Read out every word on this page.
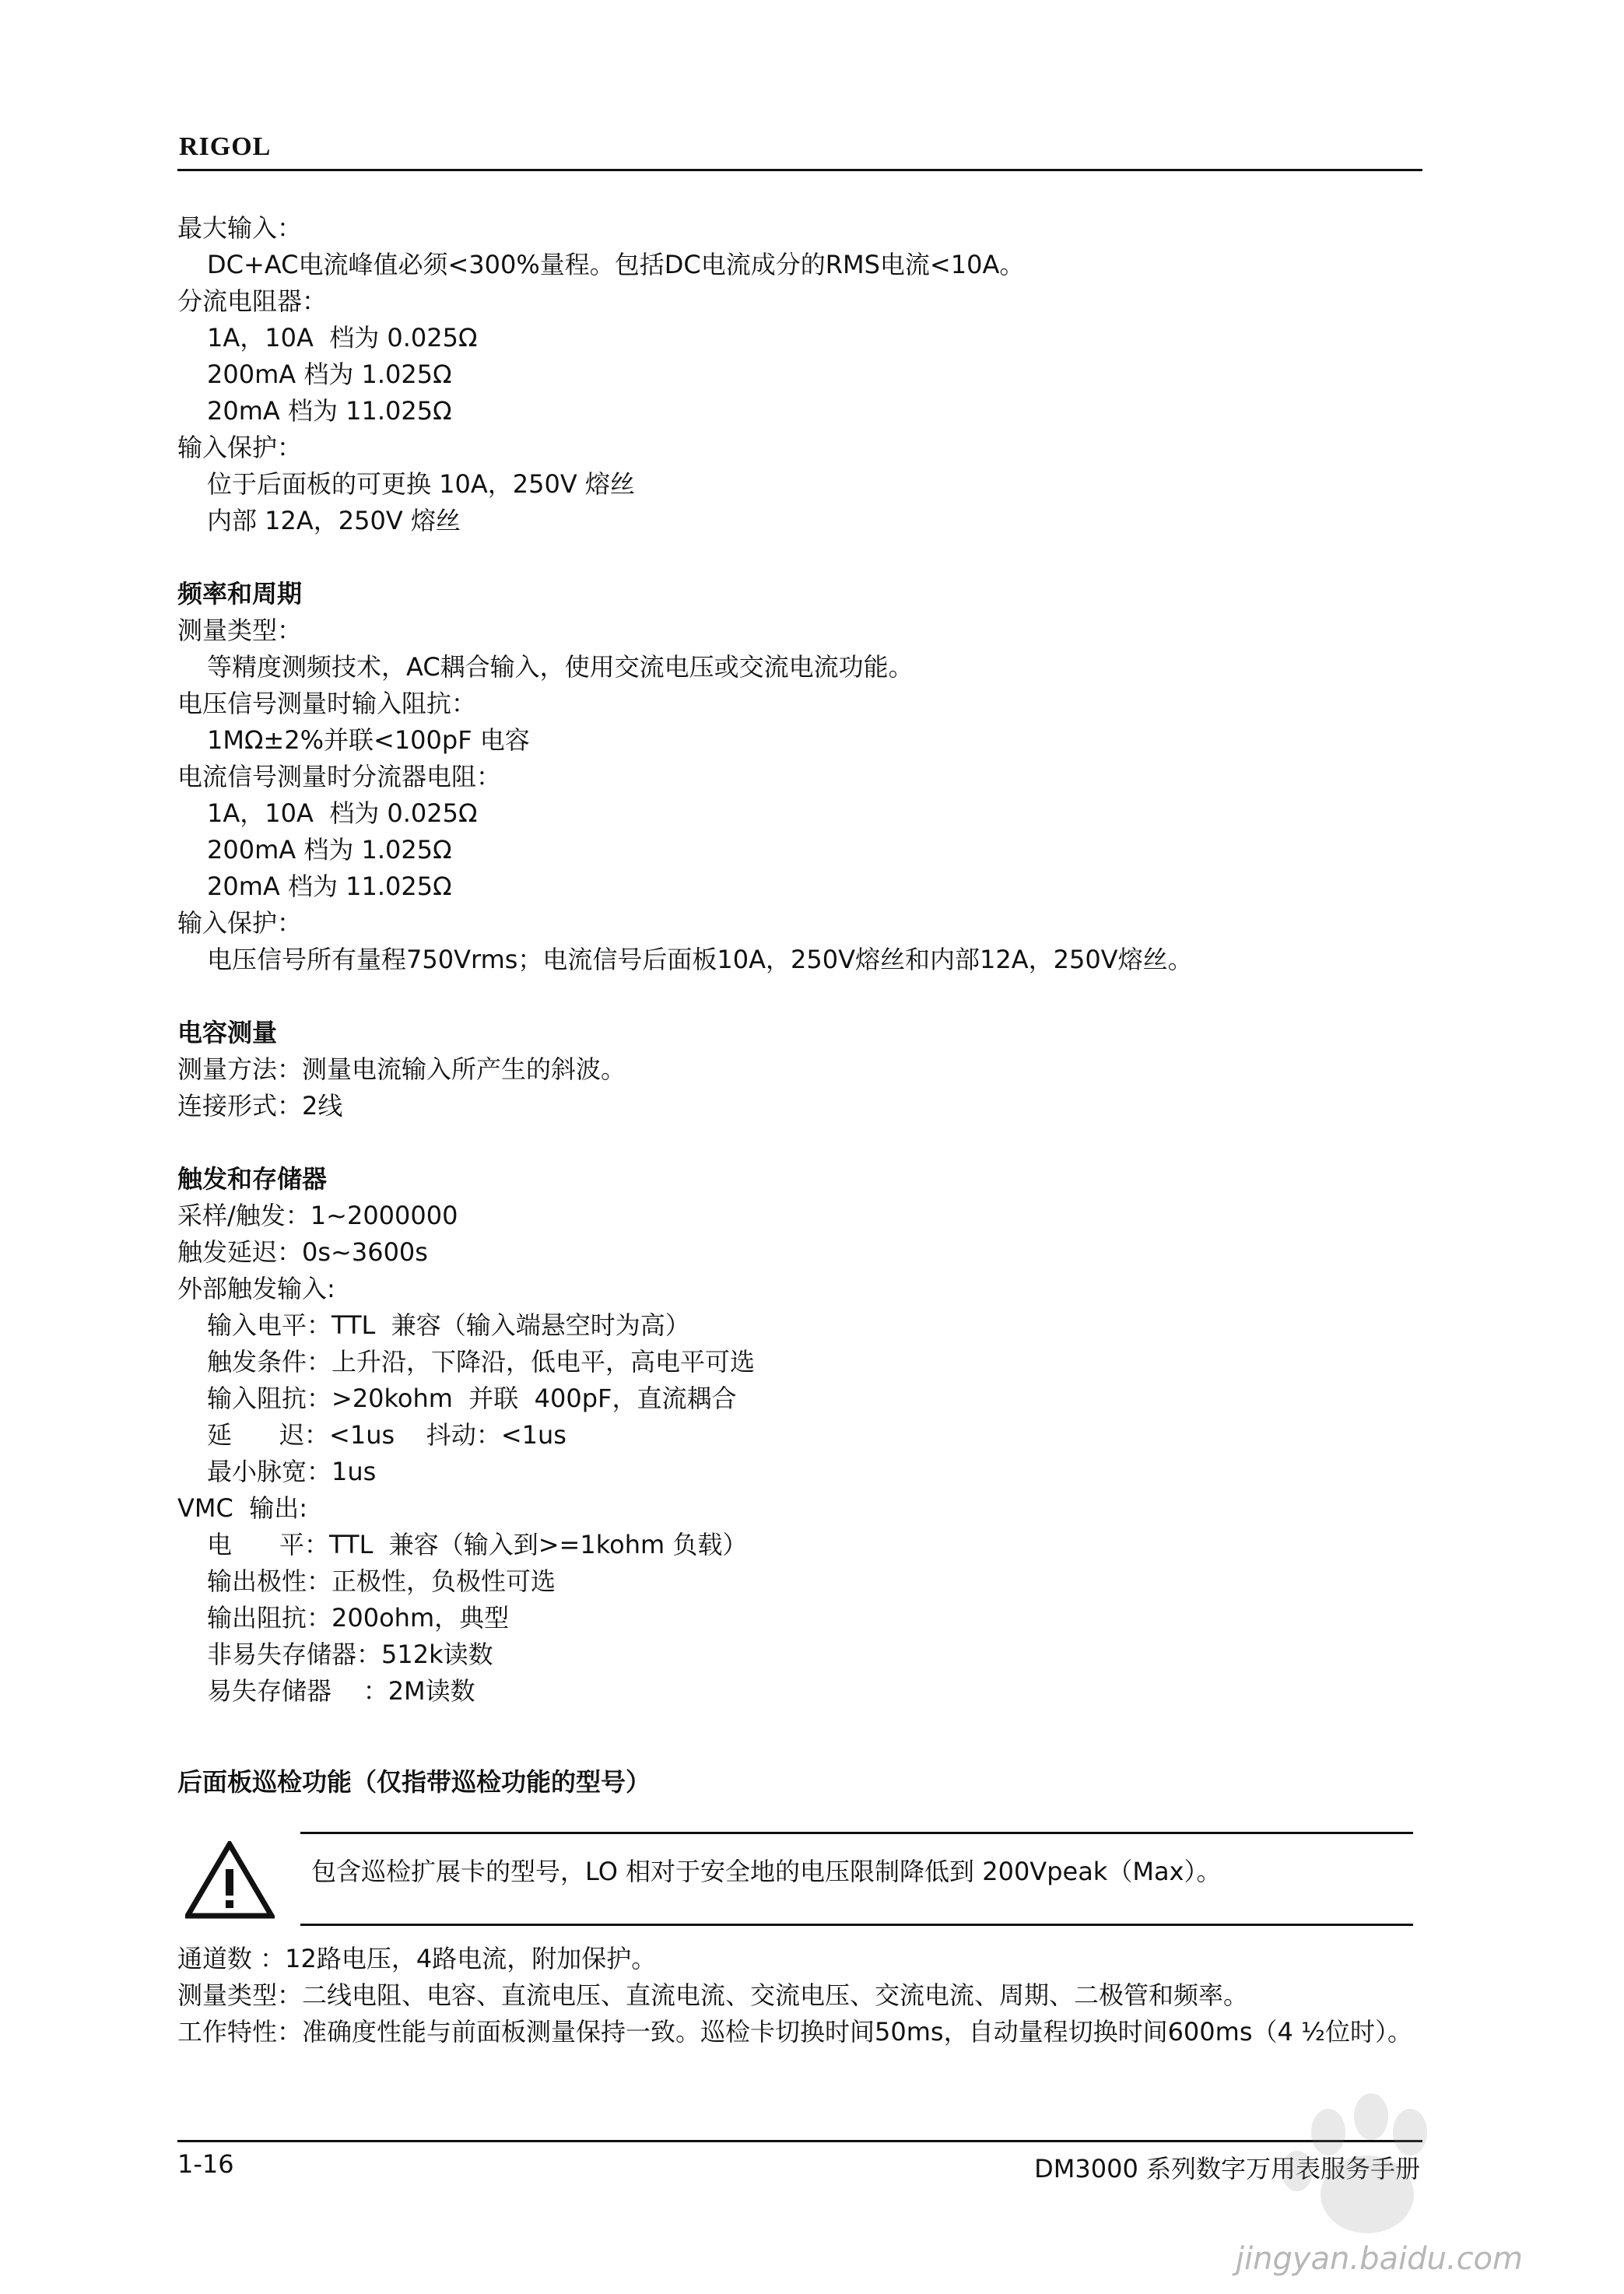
RIGOL
最大输入：
DC+AC电流峰值必须<300%量程。包括DC电流成分的RMS电流<10A。
分流电阻器：
1A，10A  档为 0.025Ω
200mA 档为 1.025Ω
20mA 档为 11.025Ω
输入保护：
位于后面板的可更换 10A，250V 熔丝
内部 12A，250V 熔丝
频率和周期
测量类型：
等精度测频技术，AC耦合输入，使用交流电压或交流电流功能。
电压信号测量时输入阻抗：
1MΩ±2%并联<100pF 电容
电流信号测量时分流器电阻：
1A，10A  档为 0.025Ω
200mA 档为 1.025Ω
20mA 档为 11.025Ω
输入保护：
电压信号所有量程750Vrms；电流信号后面板10A，250V熔丝和内部12A，250V熔丝。
电容测量
测量方法：测量电流输入所产生的斜波。
连接形式：2线
触发和存储器
采样/触发：1~2000000
触发延迟：0s~3600s
外部触发输入:
输入电平：TTL  兼容（输入端悬空时为高）
触发条件：上升沿，下降沿，低电平，高电平可选
输入阻抗：>20kohm  并联  400pF，直流耦合
延      迟：<1us    抖动：<1us
最小脉宽：1us
VMC  输出:
电      平：TTL  兼容（输入到>=1kohm 负载）
输出极性：正极性，负极性可选
输出阻抗：200ohm，典型
非易失存储器：512k读数
易失存储器    ：2M读数
后面板巡检功能（仅指带巡检功能的型号）
包含巡检扩展卡的型号，LO 相对于安全地的电压限制降低到 200Vpeak（Max）。
通道数 ：12路电压，4路电流，附加保护。
测量类型：二线电阻、电容、直流电压、直流电流、交流电压、交流电流、周期、二极管和频率。
工作特性：准确度性能与前面板测量保持一致。巡检卡切换时间50ms，自动量程切换时间600ms（4 ½位时）。
1-16	DM3000 系列数字万用表服务手册
jingyan.baidu.com
